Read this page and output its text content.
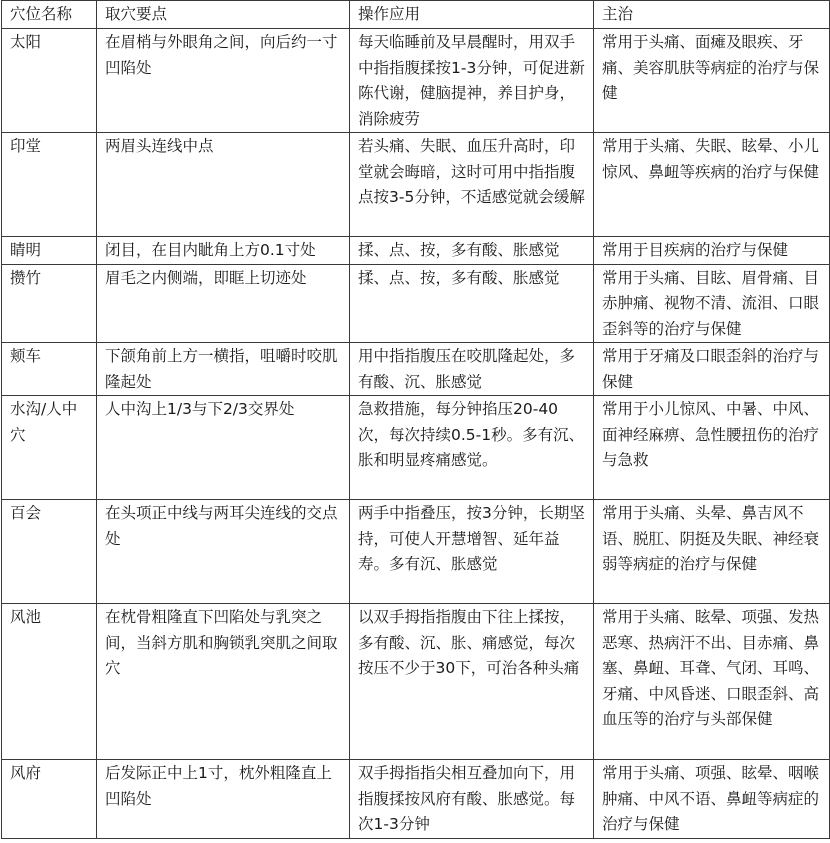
穴位名称	取穴要点	操作应用	主治
太阳	在眉梢与外眼角之间，向后约一寸凹陷处	每天临睡前及早晨醒时，用双手中指指腹揉按1-3分钟，可促进新陈代谢，健脑提神，养目护身，消除疲劳	常用于头痛、面瘫及眼疾、牙痛、美容肌肤等病症的治疗与保健
印堂	两眉头连线中点	若头痛、失眠、血压升高时，印堂就会晦暗，这时可用中指指腹点按3-5分钟，不适感觉就会缓解	常用于头痛、失眠、眩晕、小儿惊风、鼻衄等疾病的治疗与保健
睛明	闭目，在目内眦角上方0.1寸处	揉、点、按，多有酸、胀感觉	常用于目疾病的治疗与保健
攒竹	眉毛之内侧端，即眶上切迹处	揉、点、按，多有酸、胀感觉	常用于头痛、目眩、眉骨痛、目赤肿痛、视物不清、流泪、口眼歪斜等的治疗与保健
颊车	下颌角前上方一横指，咀嚼时咬肌隆起处	用中指指腹压在咬肌隆起处，多有酸、沉、胀感觉	常用于牙痛及口眼歪斜的治疗与保健
水沟/人中穴	人中沟上1/3与下2/3交界处	急救措施，每分钟掐压20-40次，每次持续0.5-1秒。多有沉、胀和明显疼痛感觉。	常用于小儿惊风、中暑、中风、面神经麻痹、急性腰扭伤的治疗与急救
百会	在头项正中线与两耳尖连线的交点处	两手中指叠压，按3分钟，长期坚持，可使人开慧增智、延年益寿。多有沉、胀感觉	常用于头痛、头晕、鼻吉风不语、脱肛、阴挺及失眠、神经衰弱等病症的治疗与保健
风池	在枕骨粗隆直下凹陷处与乳突之间，当斜方肌和胸锁乳突肌之间取穴	以双手拇指指腹由下往上揉按，多有酸、沉、胀、痛感觉，每次按压不少于30下，可治各种头痛	常用于头痛、眩晕、项强、发热恶寒、热病汗不出、目赤痛、鼻塞、鼻衄、耳聋、气闭、耳鸣、牙痛、中风昏迷、口眼歪斜、高血压等的治疗与头部保健
风府	后发际正中上1寸，枕外粗隆直上凹陷处	双手拇指指尖相互叠加向下，用指腹揉按风府有酸、胀感觉。每次1-3分钟	常用于头痛、项强、眩晕、咽喉肿痛、中风不语、鼻衄等病症的治疗与保健
